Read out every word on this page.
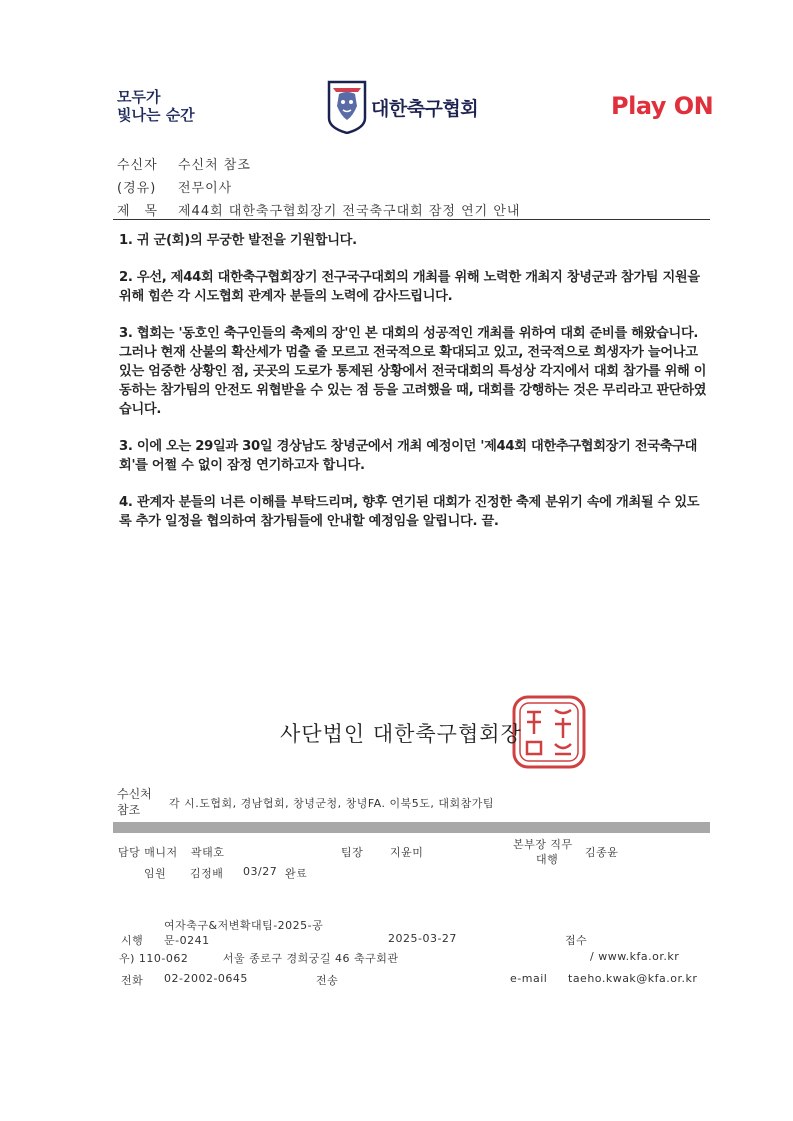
모두가
빛나는 순간	대한축구협회	Play ON
수신자 수신처 참조
(경유) 전무이사
제　목 제44회 대한축구협회장기 전국축구대회 잠정 연기 안내

1. 귀 군(회)의 무궁한 발전을 기원합니다.

2. 우선, 제44회 대한축구협회장기 전구국구대회의 개최를 위해 노력한 개최지 창녕군과 참가팀 지원을 위해 힘쓴 각 시도협회 관계자 분들의 노력에 감사드립니다.

3. 협회는 '동호인 축구인들의 축제의 장'인 본 대회의 성공적인 개최를 위하여 대회 준비를 해왔습니다. 그러나 현재 산불의 확산세가 멈출 줄 모르고 전국적으로 확대되고 있고, 전국적으로 희생자가 늘어나고 있는 엄중한 상황인 점, 곳곳의 도로가 통제된 상황에서 전국대회의 특성상 각지에서 대회 참가를 위해 이동하는 참가팀의 안전도 위협받을 수 있는 점 등을 고려했을 때, 대회를 강행하는 것은 무리라고 판단하였습니다.

3. 이에 오는 29일과 30일 경상남도 창녕군에서 개최 예정이던 '제44회 대한추구협회장기 전국축구대회'를 어쩔 수 없이 잠정 연기하고자 합니다.

4. 관계자 분들의 너른 이해를 부탁드리며, 향후 연기된 대회가 진정한 축제 분위기 속에 개최될 수 있도록 추가 일정을 협의하여 참가팀들에 안내할 예정임을 알립니다. 끝.

사단법인 대한축구협회장
수신처
참조	각 시.도협회, 경남협회, 창녕군청, 창녕FA. 이북5도, 대회참가팀
담당 매니저 곽태호	팀장 지윤미
본부장 직무
대행
김종윤
임원 김정배 03/27 완료
시행
여자축구&저변확대팀-2025-공
문-0241	2025-03-27	접수
우) 110-062　　　서울 종로구 경희궁길 46 축구회관	/ www.kfa.or.kr
전화 02-2002-0645	전송	e-mail taeho.kwak@kfa.or.kr
